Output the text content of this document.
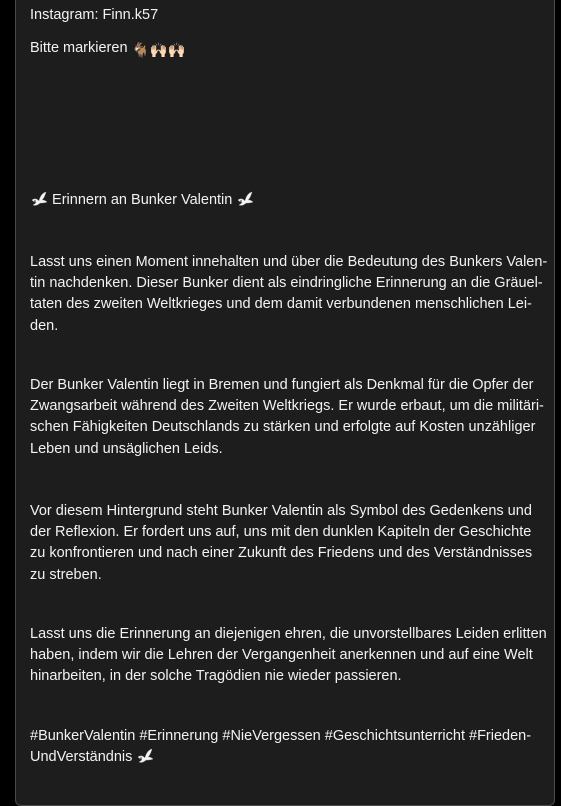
Instagram: Finn.k57
Bitte markieren 🐐🙌🏻🙌🏻
Erinnern an Bunker Valentin
Lasst uns einen Moment innehalten und über die Bedeutung des Bunkers Valen-
tin nachdenken. Dieser Bunker dient als eindringliche Erinnerung an die Gräuel-
taten des zweiten Weltkrieges und dem damit verbundenen menschlichen Lei-
den.
Der Bunker Valentin liegt in Bremen und fungiert als Denkmal für die Opfer der
Zwangsarbeit während des Zweiten Weltkriegs. Er wurde erbaut, um die militäri-
schen Fähigkeiten Deutschlands zu stärken und erfolgte auf Kosten unzähliger
Leben und unsäglichen Leids.
Vor diesem Hintergrund steht Bunker Valentin als Symbol des Gedenkens und
der Reflexion. Er fordert uns auf, uns mit den dunklen Kapiteln der Geschichte
zu konfrontieren und nach einer Zukunft des Friedens und des Verständnisses
zu streben.
Lasst uns die Erinnerung an diejenigen ehren, die unvorstellbares Leiden erlitten
haben, indem wir die Lehren der Vergangenheit anerkennen und auf eine Welt
hinarbeiten, in der solche Tragödien nie wieder passieren.
#BunkerValentin #Erinnerung #NieVergessen #Geschichtsunterricht #Frieden-
UndVerständnis
